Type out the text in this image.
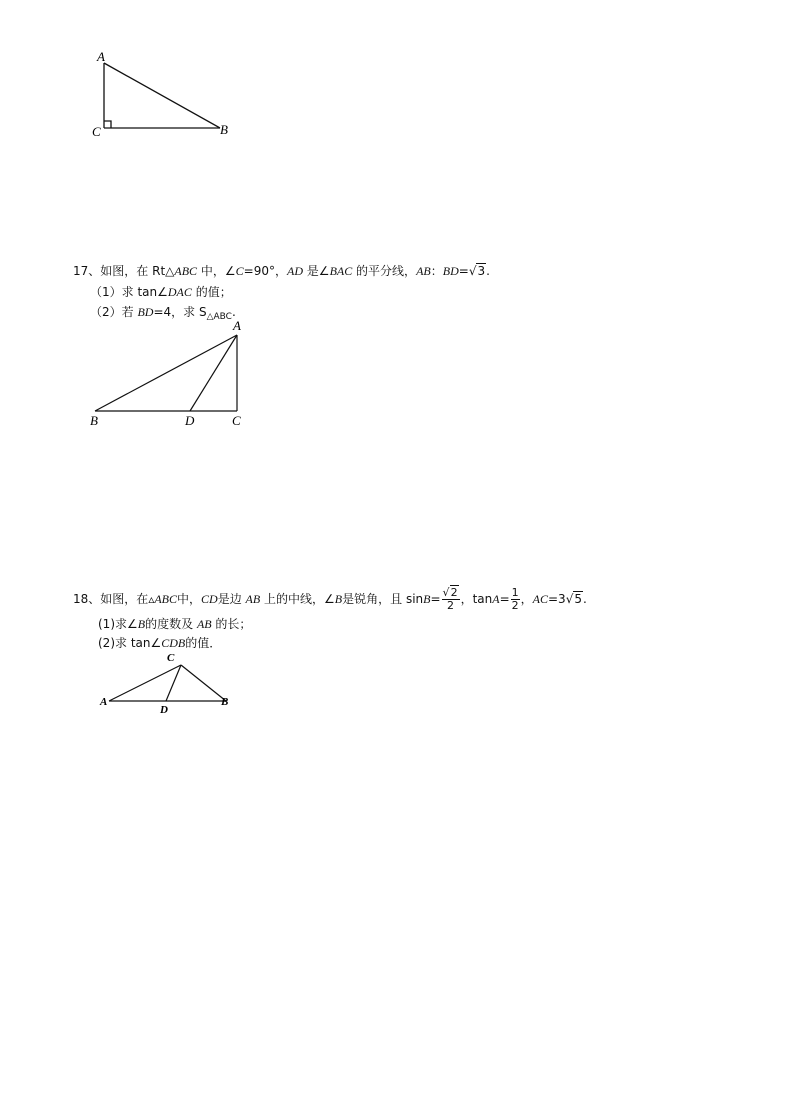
A
C	B
17、如图，在 Rt△ABC 中，∠C=90°，AD 是∠BAC 的平分线，AB：BD=√3.
（1）求 tan∠DAC 的值；
（2）若 BD=4，求 $S_{\triangle ABC}$.
A
B	D	C
18、如图，在▵ABC中，CD是边 AB 上的中线，∠B是锐角，且 $\sin B= \frac{√2}{2}$ ，$\tan A= \frac{1}{2}$ ，AC=3√5.
(1)求∠B的度数及 AB 的长；
(2)求 tan∠CDB的值．
C
A
D
B
